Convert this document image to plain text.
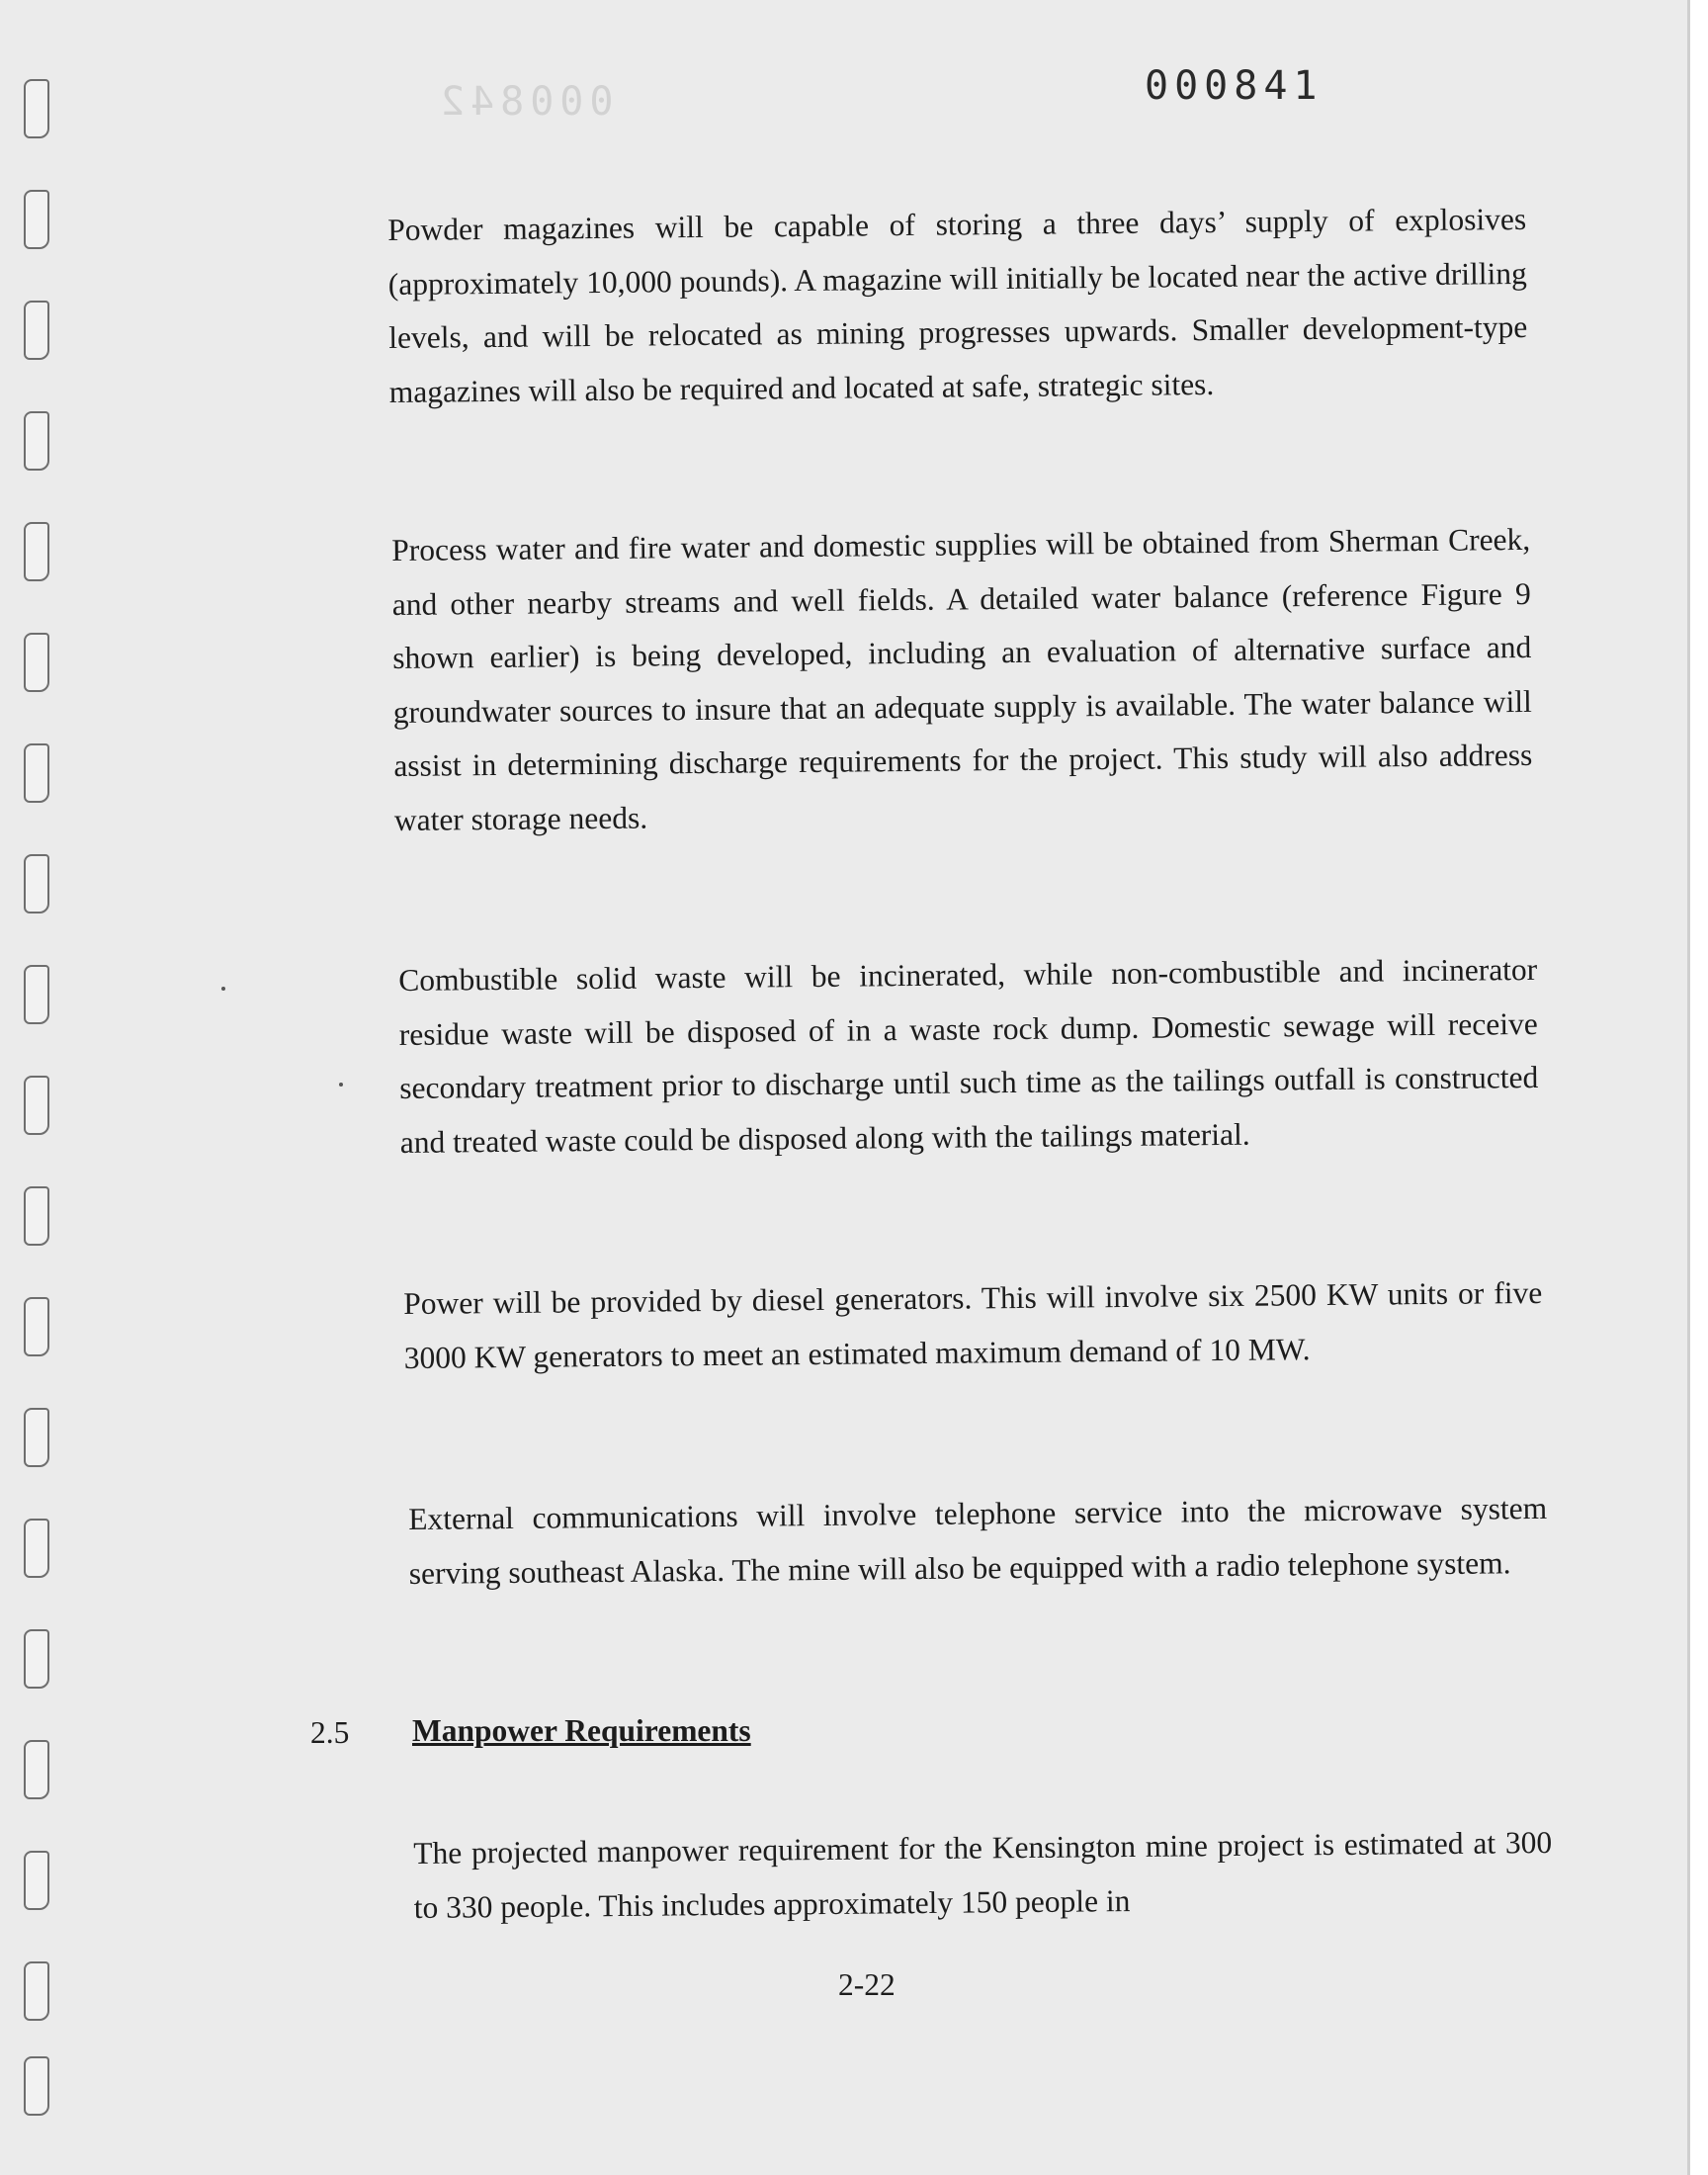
000842	000841

Powder magazines will be capable of storing a three days’ supply of explosives (approximately 10,000 pounds). A magazine will initially be located near the active drilling levels, and will be relocated as mining progresses upwards. Smaller development-type magazines will also be required and located at safe, strategic sites.

Process water and fire water and domestic supplies will be obtained from Sherman Creek, and other nearby streams and well fields. A detailed water balance (reference Figure 9 shown earlier) is being developed, including an evaluation of alternative surface and groundwater sources to insure that an adequate supply is available. The water balance will assist in determining discharge requirements for the project. This study will also address water storage needs.

Combustible solid waste will be incinerated, while non-combustible and incinerator residue waste will be disposed of in a waste rock dump. Domestic sewage will receive secondary treatment prior to discharge until such time as the tailings outfall is constructed and treated waste could be disposed along with the tailings material.

Power will be provided by diesel generators. This will involve six 2500 KW units or five 3000 KW generators to meet an estimated maximum demand of 10 MW.

External communications will involve telephone service into the microwave system serving southeast Alaska. The mine will also be equipped with a radio telephone system.

2.5 Manpower Requirements

The projected manpower requirement for the Kensington mine project is estimated at 300 to 330 people. This includes approximately 150 people in

2-22
